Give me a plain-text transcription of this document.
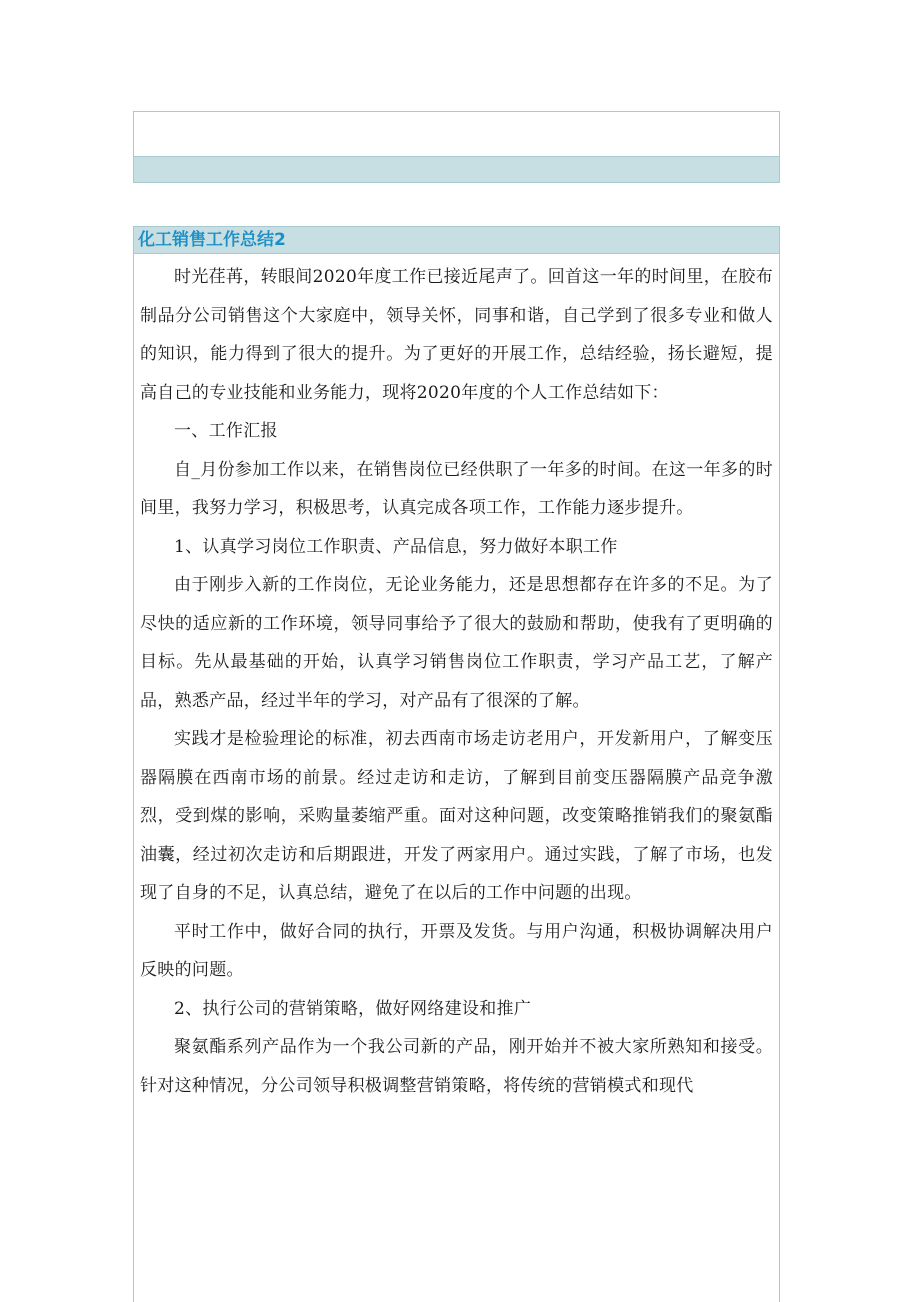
化工销售工作总结2

时光荏苒，转眼间2020年度工作已接近尾声了。回首这一年的时间里，在胶布制品分公司销售这个大家庭中，领导关怀，同事和谐，自己学到了很多专业和做人的知识，能力得到了很大的提升。为了更好的开展工作，总结经验，扬长避短，提高自己的专业技能和业务能力，现将2020年度的个人工作总结如下：

一、工作汇报

自_月份参加工作以来，在销售岗位已经供职了一年多的时间。在这一年多的时间里，我努力学习，积极思考，认真完成各项工作，工作能力逐步提升。

1、认真学习岗位工作职责、产品信息，努力做好本职工作

由于刚步入新的工作岗位，无论业务能力，还是思想都存在许多的不足。为了尽快的适应新的工作环境，领导同事给予了很大的鼓励和帮助，使我有了更明确的目标。先从最基础的开始，认真学习销售岗位工作职责，学习产品工艺，了解产品，熟悉产品，经过半年的学习，对产品有了很深的了解。

实践才是检验理论的标准，初去西南市场走访老用户，开发新用户，了解变压器隔膜在西南市场的前景。经过走访和走访，了解到目前变压器隔膜产品竞争激烈，受到煤的影响，采购量萎缩严重。面对这种问题，改变策略推销我们的聚氨酯油囊，经过初次走访和后期跟进，开发了两家用户。通过实践，了解了市场，也发现了自身的不足，认真总结，避免了在以后的工作中问题的出现。

平时工作中，做好合同的执行，开票及发货。与用户沟通，积极协调解决用户反映的问题。

2、执行公司的营销策略，做好网络建设和推广

聚氨酯系列产品作为一个我公司新的产品，刚开始并不被大家所熟知和接受。针对这种情况，分公司领导积极调整营销策略，将传统的营销模式和现代
